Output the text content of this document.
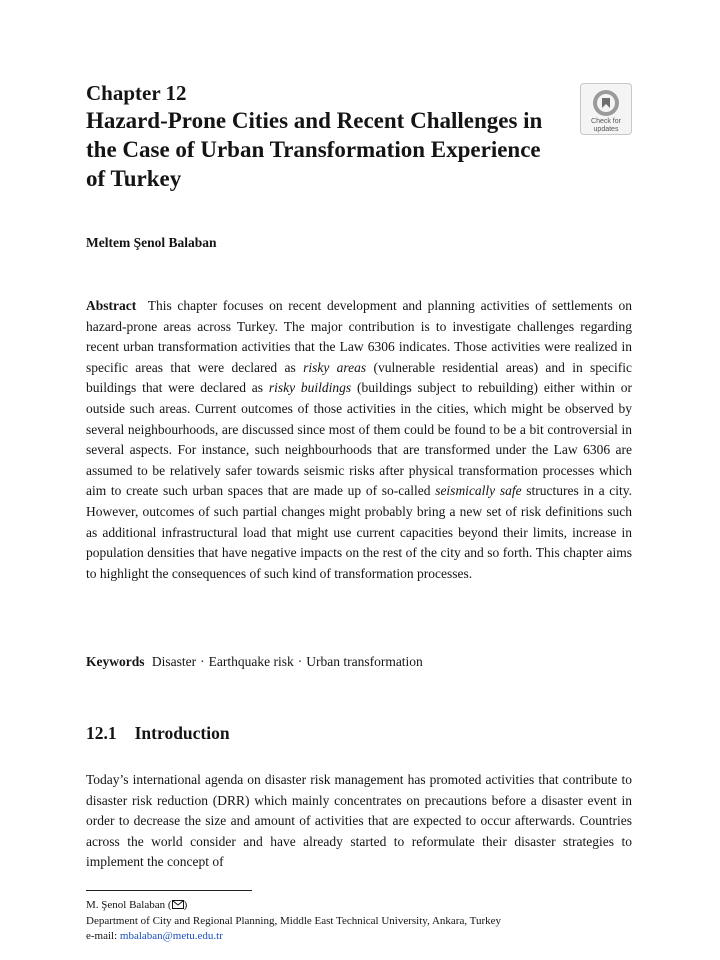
Chapter 12
Hazard-Prone Cities and Recent Challenges in the Case of Urban Transformation Experience of Turkey
Check for
updates
Meltem Şenol Balaban

Abstract This chapter focuses on recent development and planning activities of settlements on hazard-prone areas across Turkey. The major contribution is to investigate challenges regarding recent urban transformation activities that the Law 6306 indicates. Those activities were realized in specific areas that were declared as risky areas (vulnerable residential areas) and in specific buildings that were declared as risky buildings (buildings subject to rebuilding) either within or outside such areas. Current outcomes of those activities in the cities, which might be observed by several neighbourhoods, are discussed since most of them could be found to be a bit controversial in several aspects. For instance, such neighbourhoods that are transformed under the Law 6306 are assumed to be relatively safer towards seismic risks after physical transformation processes which aim to create such urban spaces that are made up of so-called seismically safe structures in a city. However, outcomes of such partial changes might probably bring a new set of risk definitions such as additional infrastructural load that might use current capacities beyond their limits, increase in population densities that have negative impacts on the rest of the city and so forth. This chapter aims to highlight the consequences of such kind of transformation processes.

Keywords Disaster · Earthquake risk · Urban transformation
12.1 Introduction

Today’s international agenda on disaster risk management has promoted activities that contribute to disaster risk reduction (DRR) which mainly concentrates on precautions before a disaster event in order to decrease the size and amount of activities that are expected to occur afterwards. Countries across the world consider and have already started to reformulate their disaster strategies to implement the concept of

M. Şenol Balaban ( )
Department of City and Regional Planning, Middle East Technical University, Ankara, Turkey
e-mail: mbalaban@metu.edu.tr
